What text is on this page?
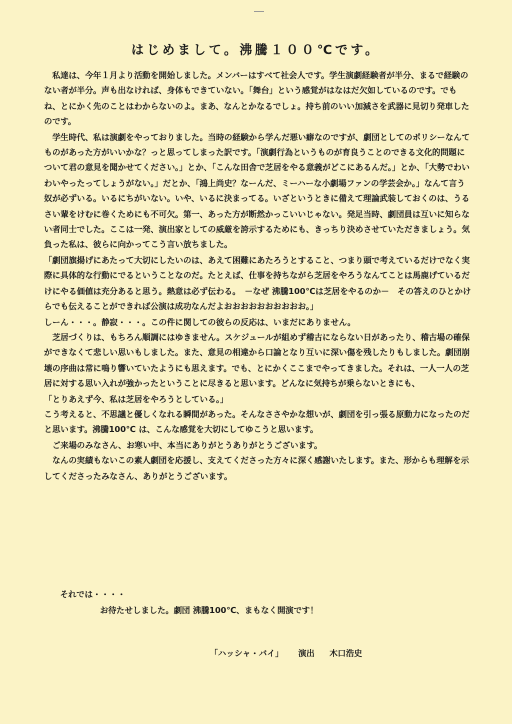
はじめまして。沸騰１００℃です。

私達は、今年１月より活動を開始しました。メンバーはすべて社会人です。学生演劇経験者が半分、まるで経験のない者が半分。声も出なければ、身体もできていない。「舞台」という感覚がはなはだ欠如しているのです。でもね、とにかく先のことはわからないのよ。まあ、なんとかなるでしょ。持ち前のいい加減さを武器に見切り発車したのです。

学生時代、私は演劇をやっておりました。当時の経験から学んだ悪い癖なのですが、劇団としてのポリシーなんてものがあった方がいいかな？っと思ってしまった訳です。「演劇行為というものが育良うことのできる文化的問題について君の意見を聞かせてください。」とか、「こんな田舎で芝居をやる意義がどこにあるんだ。」とか、「大勢でわいわいやったってしょうがない。」だとか、「鴻上尚史？なーんだ、ミーハーな小劇場ファンの学芸会か。」なんて言う奴が必ずいる。いるにちがいない。いや、いるに決まってる。いざというときに備えて理論武装しておくのは、うるさい輩をけむに巻くためにも不可欠。第一、あった方が断然かっこいいじゃない。発足当時、劇団員は互いに知らない者同士でした。ここは一発、演出家としての威厳を誇示するためにも、きっちり決めさせていただきましょう。気負った私は、彼らに向かってこう言い放ちました。

「劇団旗揚げにあたって大切にしたいのは、あえて困難にあたろうとすること、つまり頭で考えているだけでなく実際に具体的な行動にでるということなのだ。たとえば、仕事を持ちながら芝居をやろうなんてことは馬鹿げているだけにやる価値は充分あると思う。熱意は必ず伝わる。　－なぜ 沸騰100℃は芝居をやるのか－　その答えのひとかけらでも伝えることができれば公演は成功なんだよおおおおおおおおおお。」

しーん・・・。静寂・・・。この件に関しての彼らの反応は、いまだにありません。

芝居づくりは、もちろん順調にはゆきません。スケジュールが組めず稽古にならない日があったり、稽古場の確保ができなくて悲しい思いもしました。また、意見の相違から口論となり互いに深い傷を残したりもしました。劇団崩壊の序曲は常に鳴り響いていたようにも思えます。でも、とにかくここまでやってきました。それは、一人一人の芝居に対する思い入れが強かったということに尽きると思います。どんなに気持ちが乗らないときにも、

「とりあえず今、私は芝居をやろうとしている。」

こう考えると、不思議と優しくなれる瞬間があった。そんなささやかな想いが、劇団を引っ張る原動力になったのだと思います。沸騰100℃ は、こんな感覚を大切にしてゆこうと思います。

ご来場のみなさん、お寒い中、本当にありがとうありがとうございます。

なんの実績もないこの素人劇団を応援し、支えてくださった方々に深く感謝いたします。また、形からも理解を示してくださったみなさん、ありがとうございます。

それでは・・・・
お待たせしました。劇団 沸騰100℃、まもなく開演です！
「ハッシャ・バイ」 演出 木口浩史
